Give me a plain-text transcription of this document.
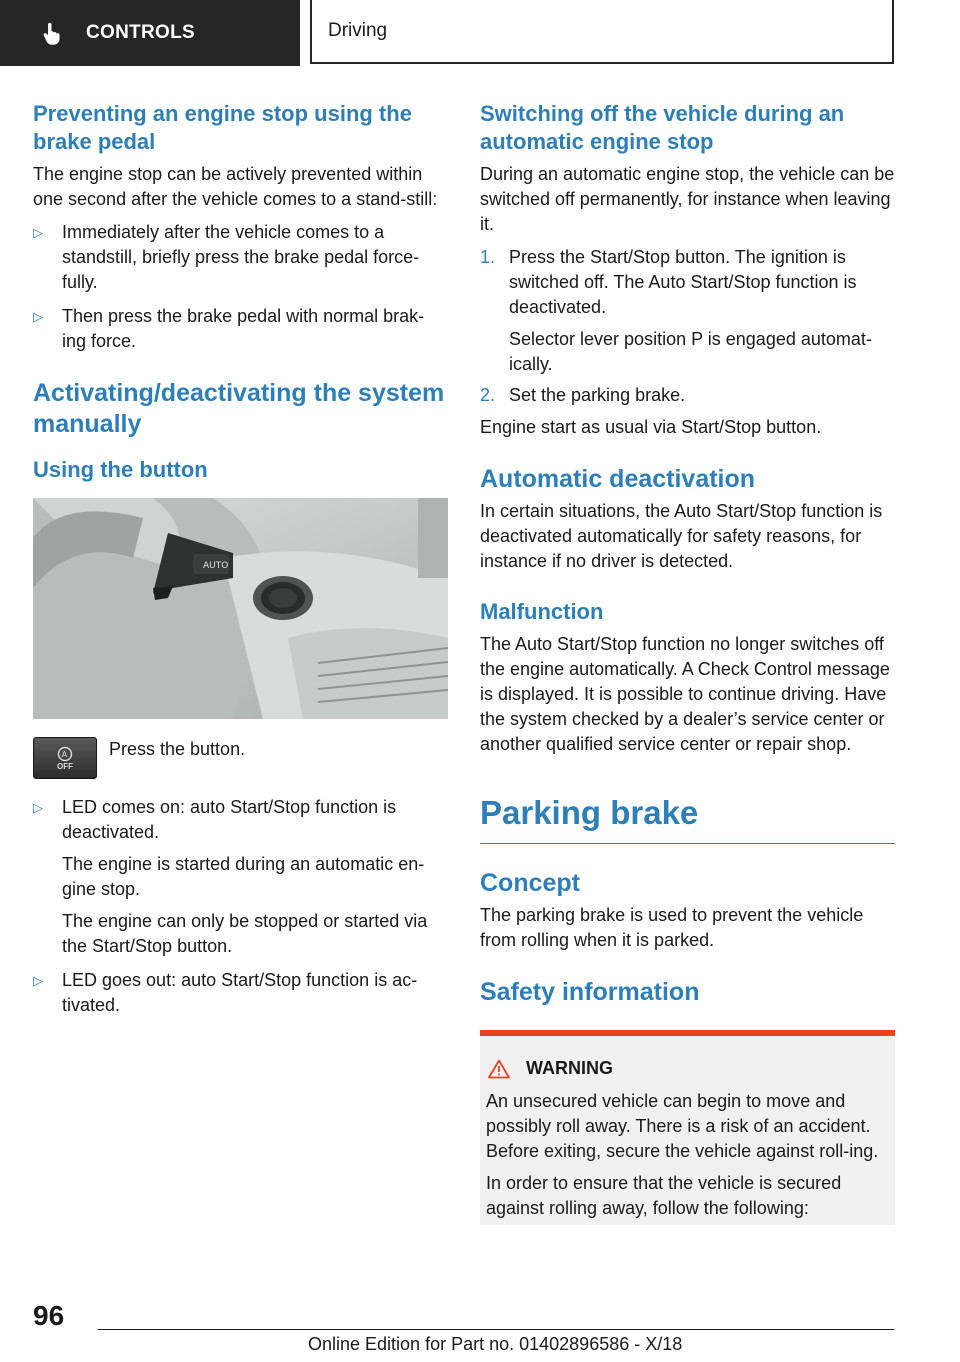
CONTROLS	Driving
Preventing an engine stop using the brake pedal
The engine stop can be actively prevented within one second after the vehicle comes to a stand‐still:
▷	Immediately after the vehicle comes to a standstill, briefly press the brake pedal force‐fully.
▷	Then press the brake pedal with normal brak‐ing force.
Activating/deactivating the system manually
Using the button
AUTO
A
OFF
Press the button.
▷	LED comes on: auto Start/Stop function is deactivated.
The engine is started during an automatic en‐gine stop.
The engine can only be stopped or started via the Start/Stop button.
▷	LED goes out: auto Start/Stop function is ac‐tivated.
Switching off the vehicle during an automatic engine stop
During an automatic engine stop, the vehicle can be switched off permanently, for instance when leaving it.
1. Press the Start/Stop button. The ignition is switched off. The Auto Start/Stop function is deactivated.
Selector lever position P is engaged automat‐ically.
2. Set the parking brake.
Engine start as usual via Start/Stop button.
Automatic deactivation
In certain situations, the Auto Start/Stop function is deactivated automatically for safety reasons, for instance if no driver is detected.
Malfunction
The Auto Start/Stop function no longer switches off the engine automatically. A Check Control message is displayed. It is possible to continue driving. Have the system checked by a dealer’s service center or another qualified service center or repair shop.
Parking brake
Concept
The parking brake is used to prevent the vehicle from rolling when it is parked.
Safety information
WARNING
An unsecured vehicle can begin to move and possibly roll away. There is a risk of an accident. Before exiting, secure the vehicle against roll‐ing.
In order to ensure that the vehicle is secured against rolling away, follow the following:
96
Online Edition for Part no. 01402896586 - X/18
